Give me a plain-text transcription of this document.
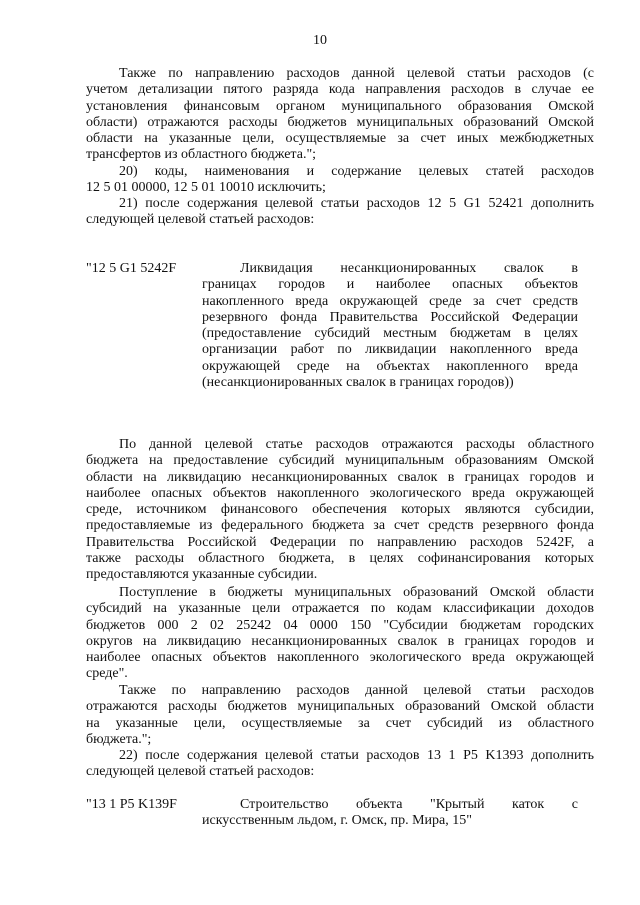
10
Также по направлению расходов данной целевой статьи расходов (с
учетом детализации пятого разряда кода направления расходов в случае ее
установления финансовым органом муниципального образования Омской
области) отражаются расходы бюджетов муниципальных образований Омской
области на указанные цели, осуществляемые за счет иных межбюджетных
трансфертов из областного бюджета.";
20) коды, наименования и содержание целевых статей расходов
12 5 01 00000, 12 5 01 10010 исключить;
21) после содержания целевой статьи расходов 12 5 G1 52421 дополнить
следующей целевой статьей расходов:
"12 5 G1 5242F	Ликвидация несанкционированных свалок в
границах городов и наиболее опасных объектов
накопленного вреда окружающей среде за счет средств
резервного фонда Правительства Российской Федерации
(предоставление субсидий местным бюджетам в целях
организации работ по ликвидации накопленного вреда
окружающей среде на объектах накопленного вреда
(несанкционированных свалок в границах городов))
По данной целевой статье расходов отражаются расходы областного
бюджета на предоставление субсидий муниципальным образованиям Омской
области на ликвидацию несанкционированных свалок в границах городов и
наиболее опасных объектов накопленного экологического вреда окружающей
среде, источником финансового обеспечения которых являются субсидии,
предоставляемые из федерального бюджета за счет средств резервного фонда
Правительства Российской Федерации по направлению расходов 5242F, а
также расходы областного бюджета, в целях софинансирования которых
предоставляются указанные субсидии.
Поступление в бюджеты муниципальных образований Омской области
субсидий на указанные цели отражается по кодам классификации доходов
бюджетов 000 2 02 25242 04 0000 150 "Субсидии бюджетам городских
округов на ликвидацию несанкционированных свалок в границах городов и
наиболее опасных объектов накопленного экологического вреда окружающей
среде".
Также по направлению расходов данной целевой статьи расходов
отражаются расходы бюджетов муниципальных образований Омской области
на указанные цели, осуществляемые за счет субсидий из областного
бюджета.";
22) после содержания целевой статьи расходов 13 1 P5 K1393 дополнить
следующей целевой статьей расходов:
"13 1 P5 K139F	Строительство объекта "Крытый каток с
искусственным льдом, г. Омск, пр. Мира, 15"
